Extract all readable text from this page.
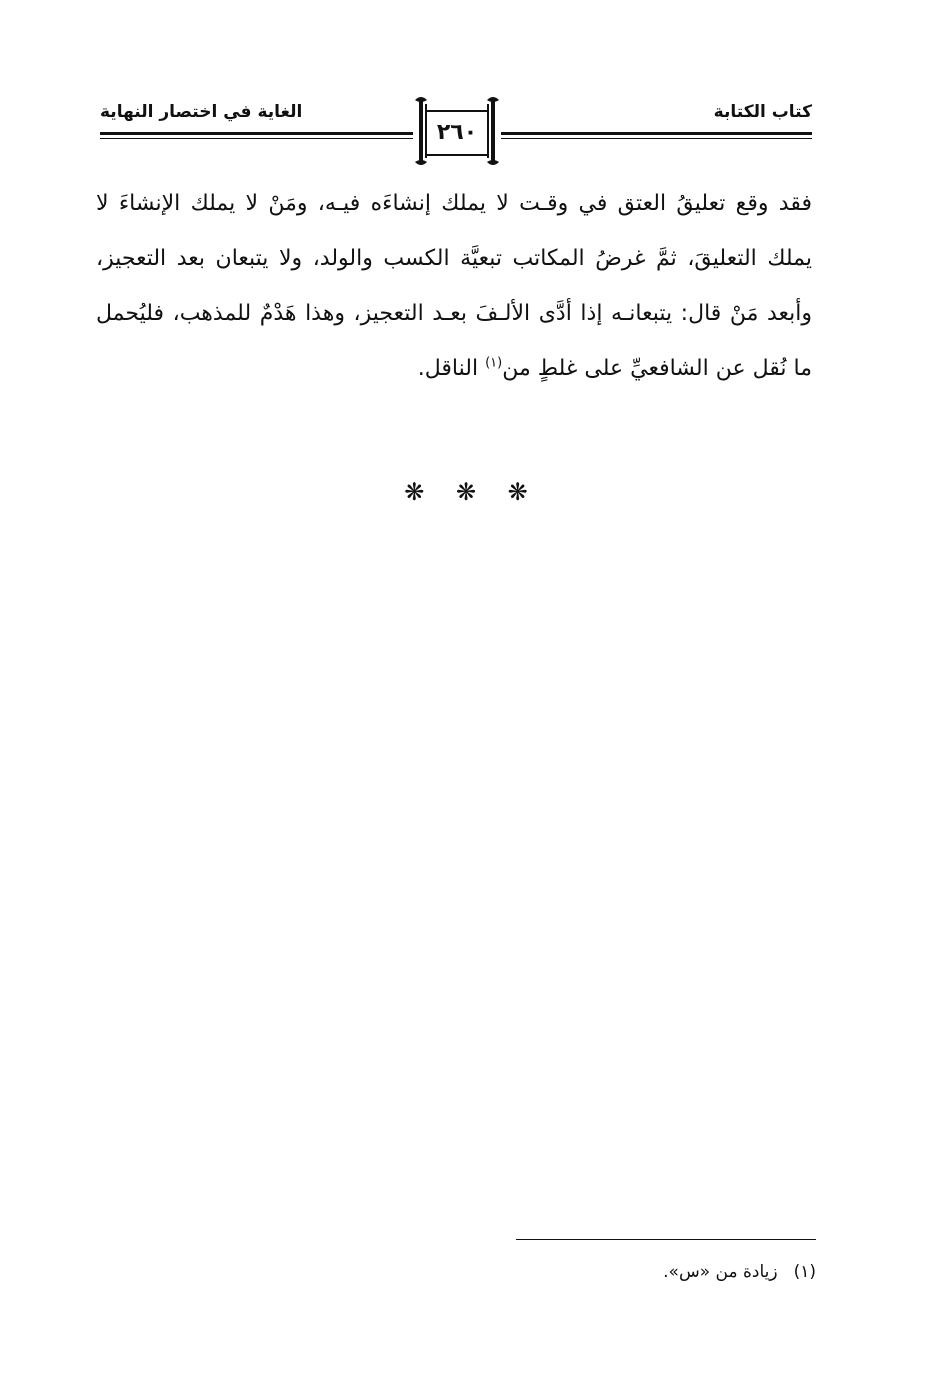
كتاب الكتابة
الغاية في اختصار النهاية
٢٦٠

فقد وقع تعليقُ العتق في وقـت لا يملك إنشاءَه فيـه، ومَنْ لا يملك الإنشاءَ لا يملك التعليقَ، ثمَّ غرضُ المكاتب تبعيَّة الكسب والولد، ولا يتبعان بعد التعجيز، وأبعد مَنْ قال: يتبعانـه إذا أدَّى الألـفَ بعـد التعجيز، وهذا هَدْمٌ للمذهب، فليُحمل ما نُقل عن الشافعيِّ على غلطٍ من$^{(١)}$ الناقل.

❋ ❋ ❋
(١)زيادة من «س».
